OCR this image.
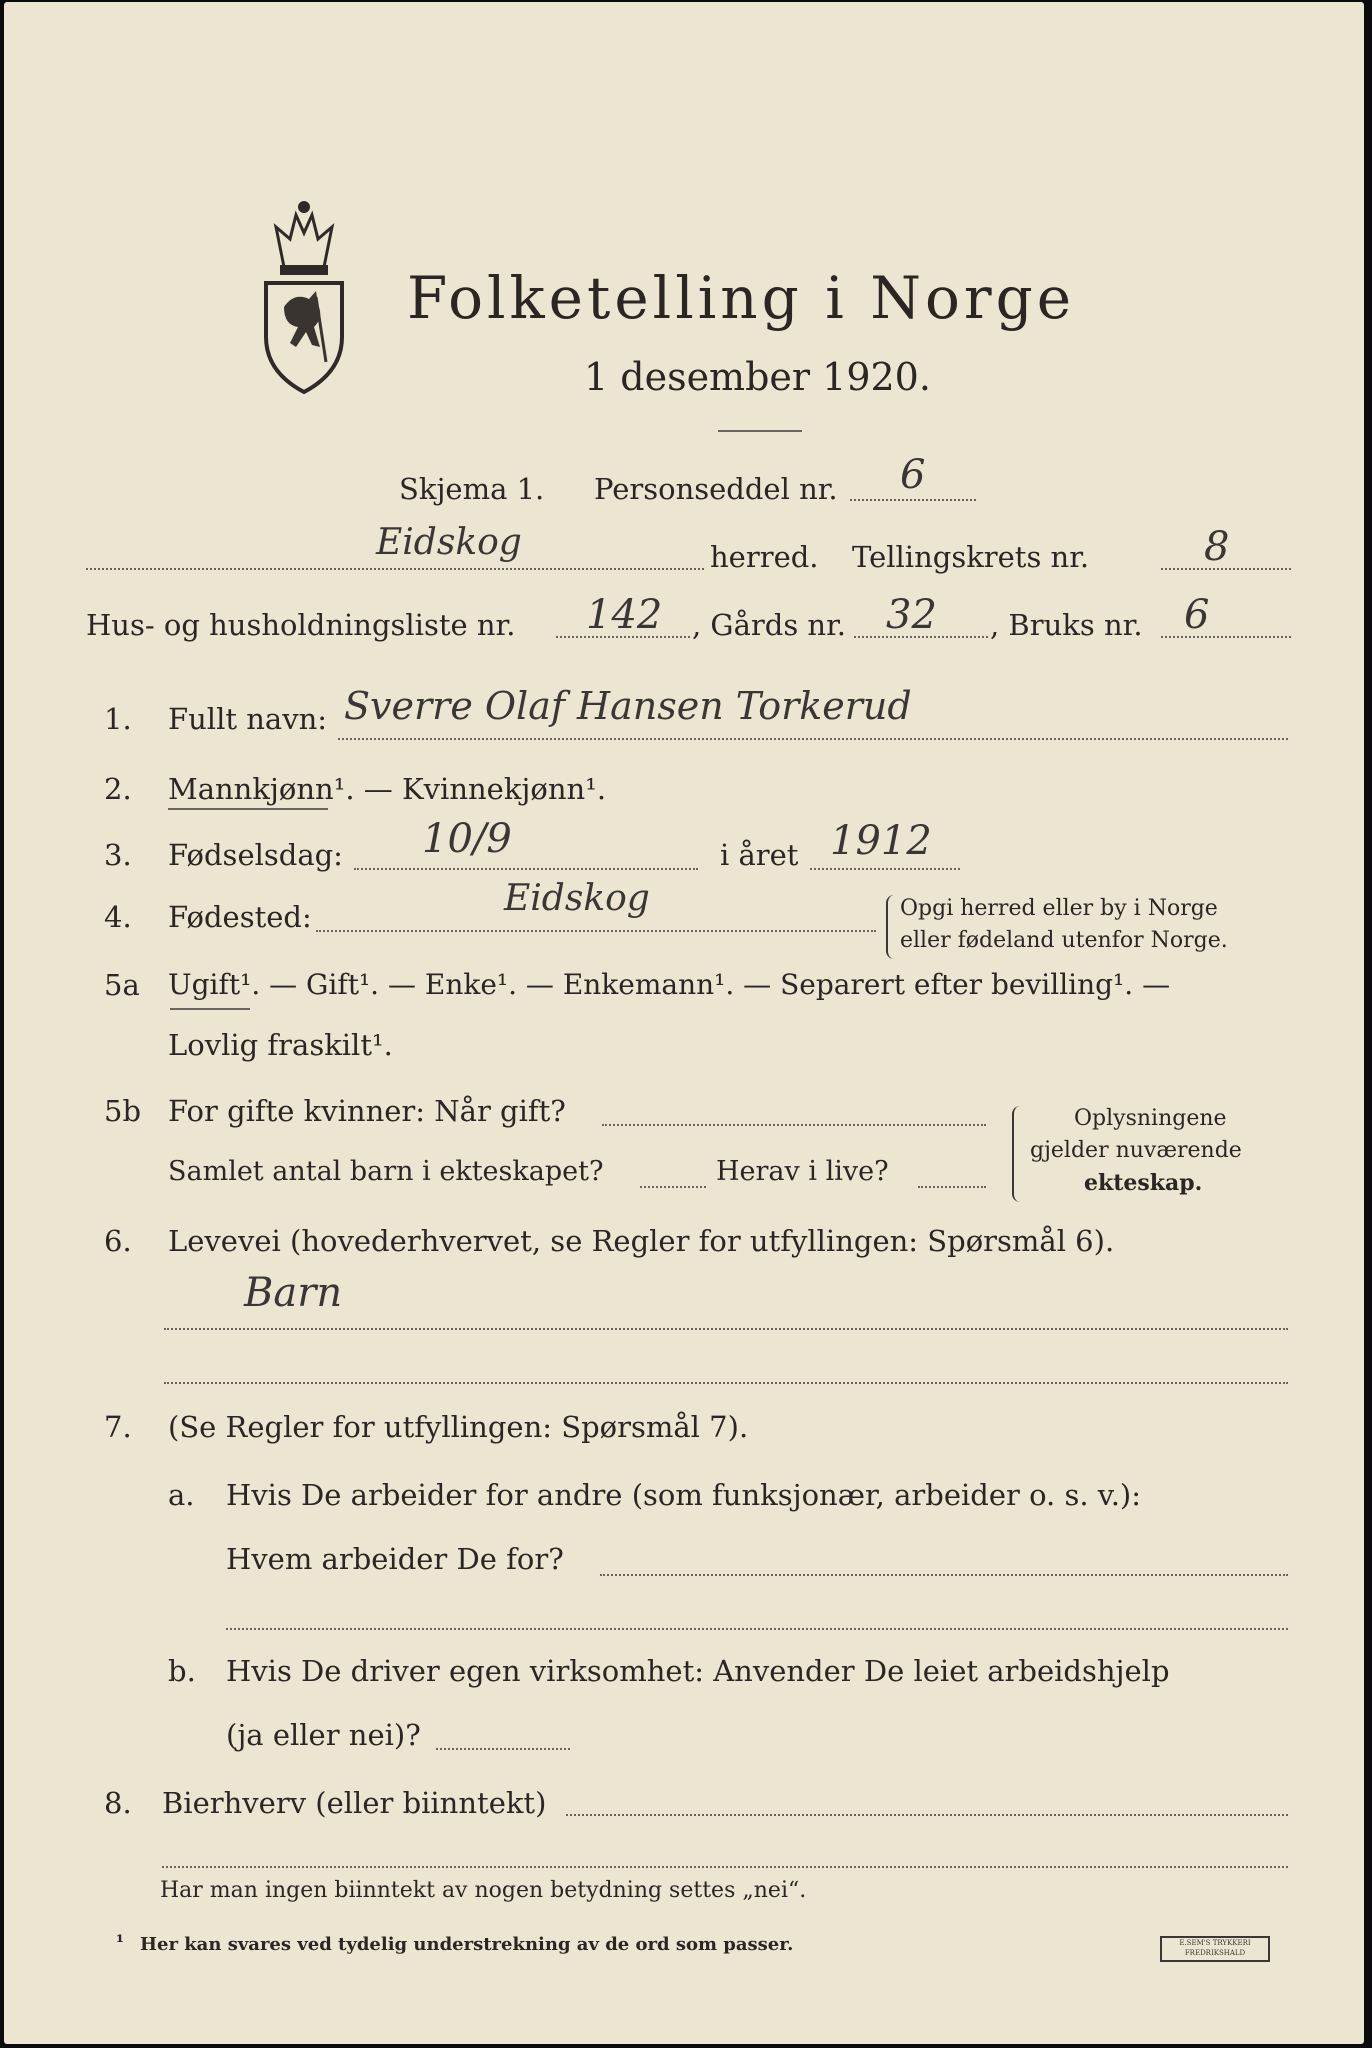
Folketelling i Norge
1 desember 1920.
Skjema 1. Personseddel nr. 6
Eidskog	herred. Tellingskrets nr.	8
Hus- og husholdningsliste nr. 142 , Gårds nr. 32 , Bruks nr. 6
1. Fullt navn: Sverre Olaf Hansen Torkerud
2. Mannkjønn¹. — Kvinnekjønn¹.
3. Fødselsdag: 10/9	i året 1912
4. Fødested:	Eidskog	Opgi herred eller by i Norge
eller fødeland utenfor Norge.
5a Ugift¹. — Gift¹. — Enke¹. — Enkemann¹. — Separert efter bevilling¹. —
Lovlig fraskilt¹.
5b For gifte kvinner: Når gift?
Samlet antal barn i ekteskapet?	Herav i live?
Oplysningene
gjelder nuværende
ekteskap.
6. Levevei (hovederhvervet, se Regler for utfyllingen: Spørsmål 6).
Barn
7. (Se Regler for utfyllingen: Spørsmål 7).
a. Hvis De arbeider for andre (som funksjonær, arbeider o. s. v.):
Hvem arbeider De for?
b. Hvis De driver egen virksomhet: Anvender De leiet arbeidshjelp
(ja eller nei)?
8. Bierhverv (eller biinntekt)
Har man ingen biinntekt av nogen betydning settes „nei“.
¹ Her kan svares ved tydelig understrekning av de ord som passer.	E.SEM'S TRYKKERI
FREDRIKSHALD
